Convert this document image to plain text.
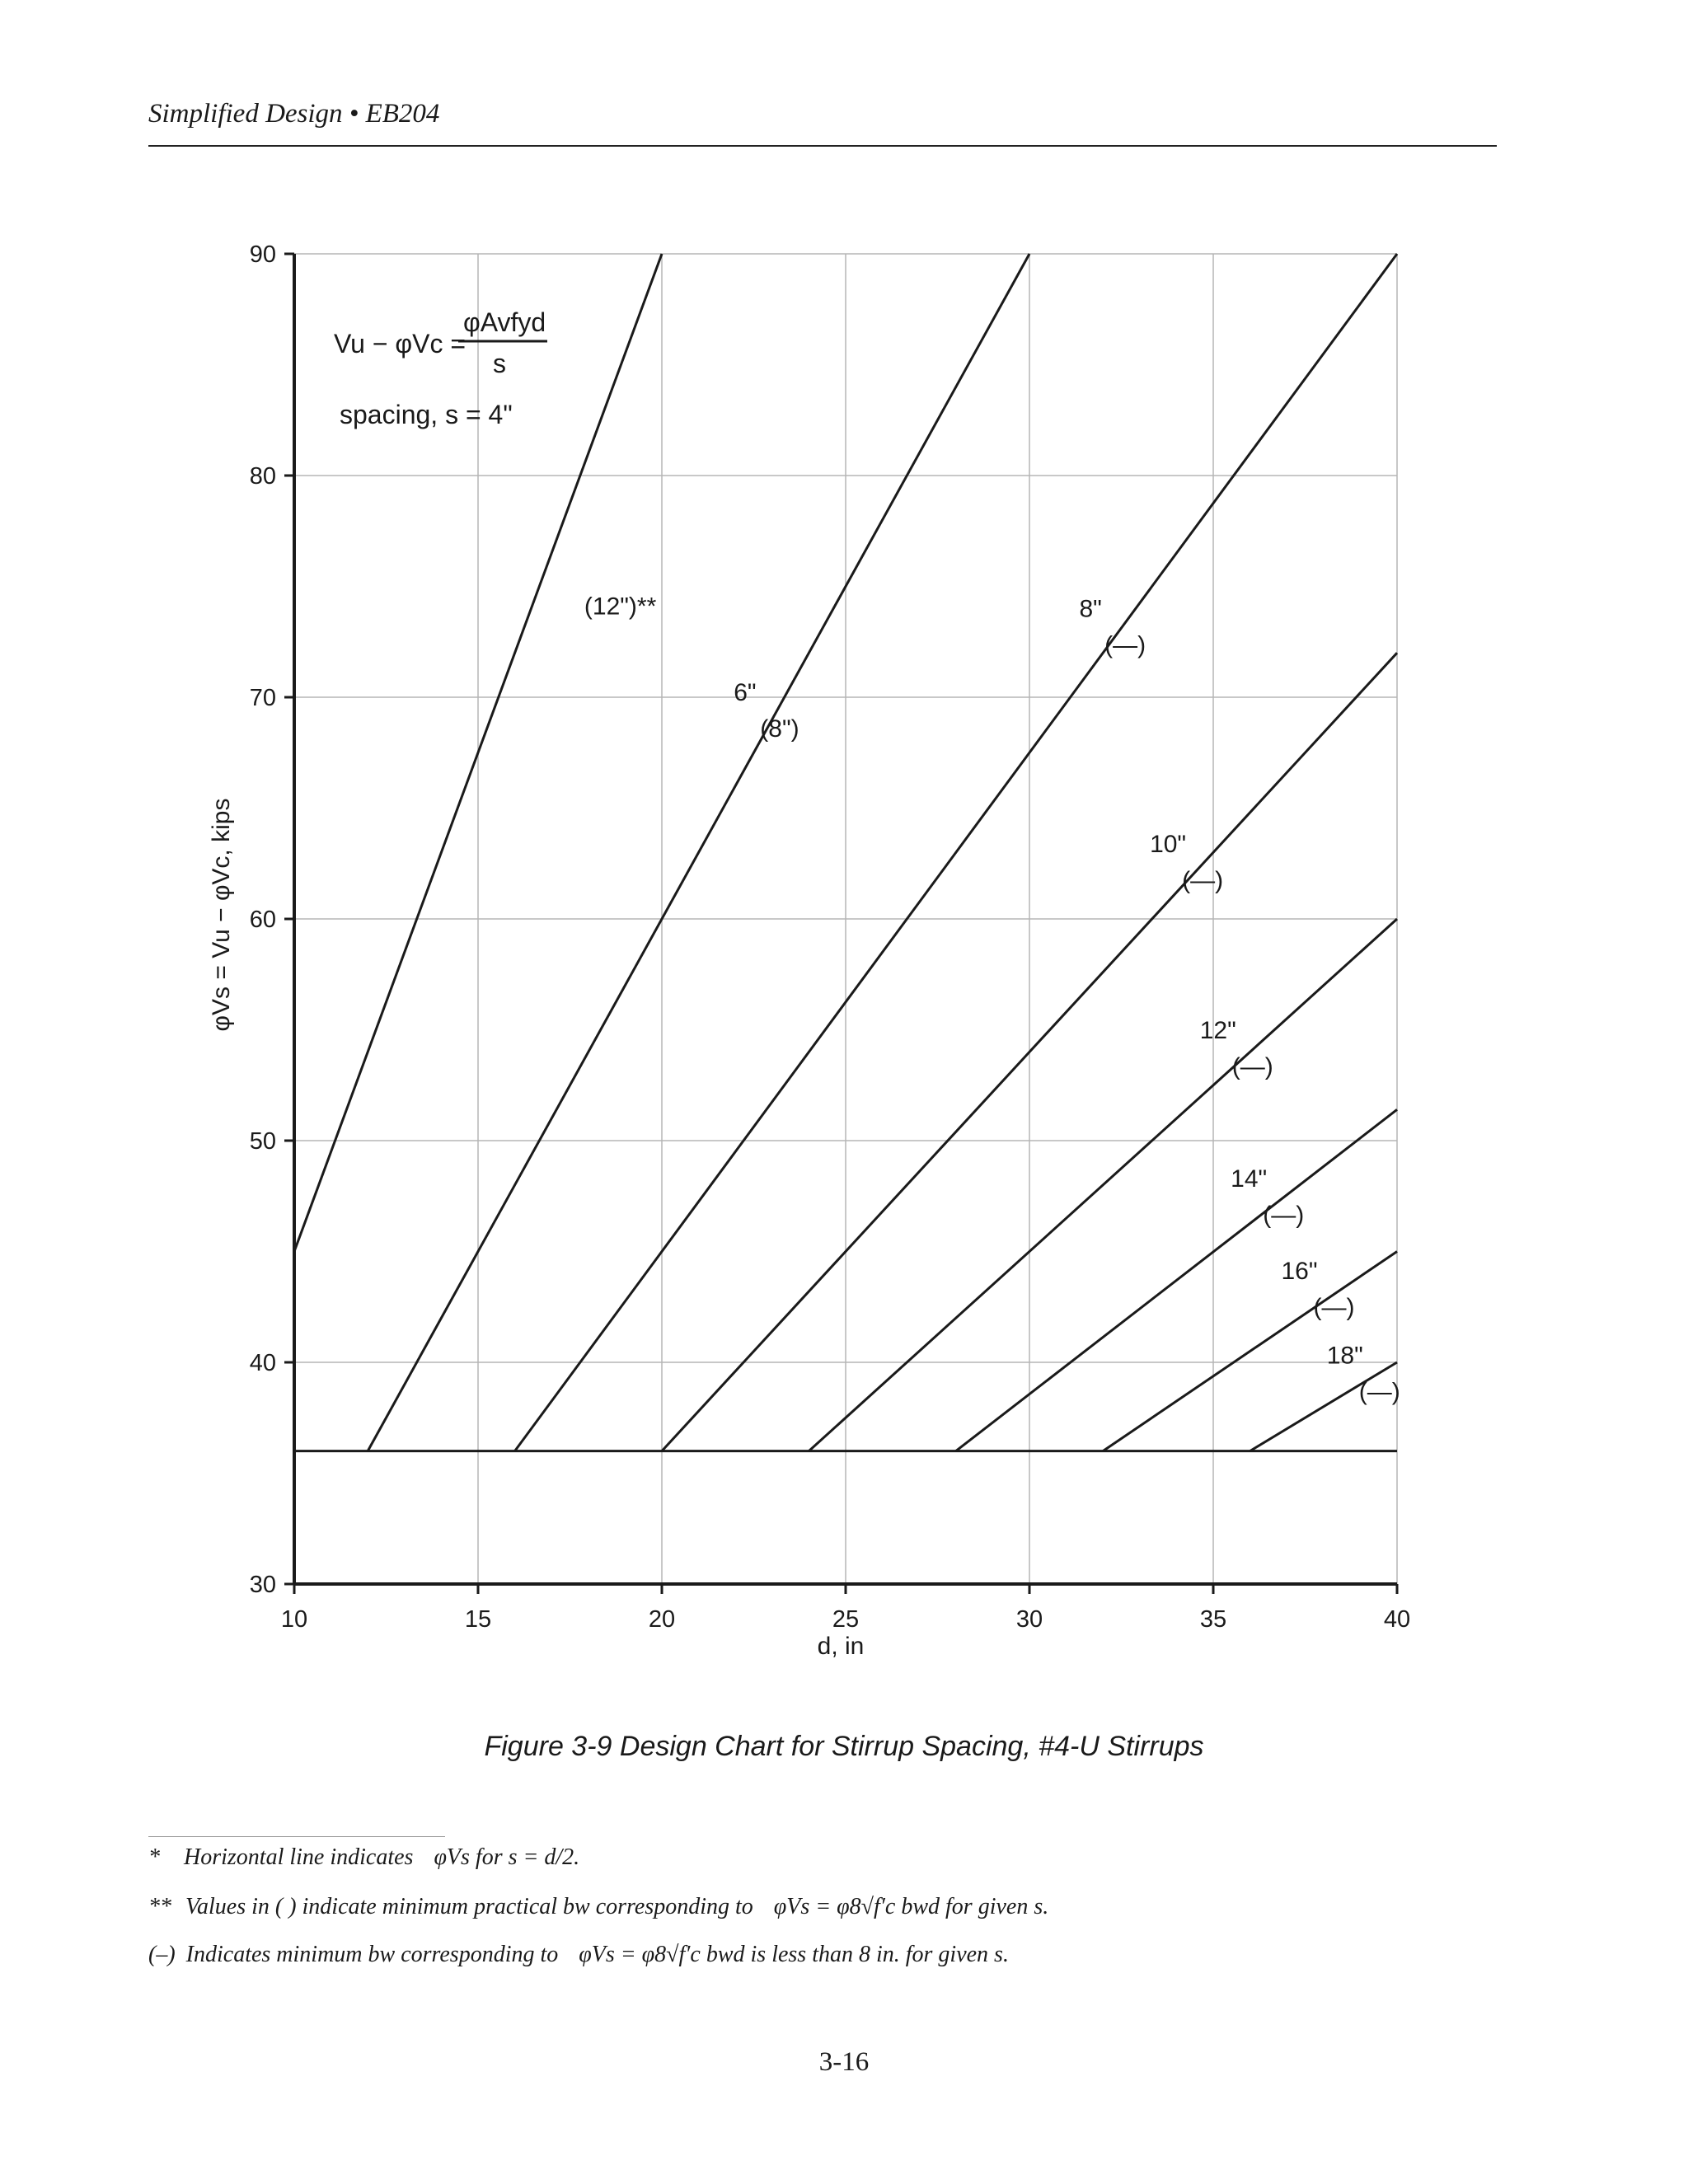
Simplified Design • EB204
10	15	20	25	30	35	40
30
40
50
60
70
80
90
(12")**
6"
(8")
8"
(—)
10"
(—)
12"
(—)
14"
(—)
16"
(—)
18"
(—)
Vu − φVc =
φAvfyd
s
spacing, s = 4"
d, in
φVs = Vu − φVc, kips
Figure 3-9 Design Chart for Stirrup Spacing, #4-U Stirrups
* Horizontal line indicates φVs for s = d/2.
** Values in ( ) indicate minimum practical bw corresponding to φVs = φ8√f′c bwd for given s.
(–) Indicates minimum bw corresponding to φVs = φ8√f′c bwd is less than 8 in. for given s.
3-16
